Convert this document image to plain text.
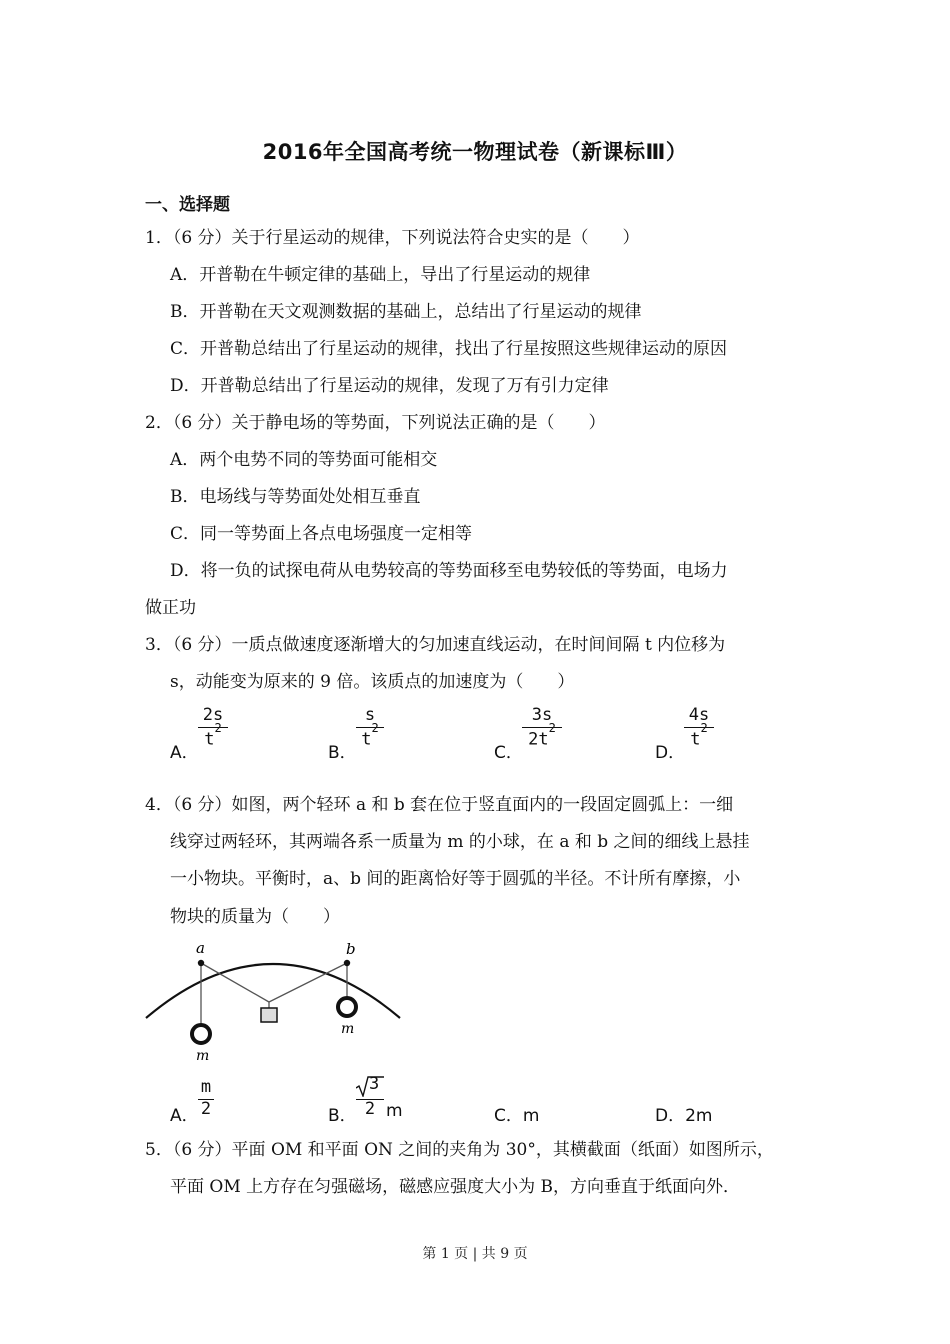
2016年全国高考统一物理试卷（新课标Ⅲ）
一、选择题
1．（6 分）关于行星运动的规律，下列说法符合史实的是（　　）
A．开普勒在牛顿定律的基础上，导出了行星运动的规律
B．开普勒在天文观测数据的基础上，总结出了行星运动的规律
C．开普勒总结出了行星运动的规律，找出了行星按照这些规律运动的原因
D．开普勒总结出了行星运动的规律，发现了万有引力定律
2．（6 分）关于静电场的等势面，下列说法正确的是（　　）
A．两个电势不同的等势面可能相交
B．电场线与等势面处处相互垂直
C．同一等势面上各点电场强度一定相等
D．将一负的试探电荷从电势较高的等势面移至电势较低的等势面，电场力
做正功
3．（6 分）一质点做速度逐渐增大的匀加速直线运动，在时间间隔 t 内位移为
s，动能变为原来的 9 倍。该质点的加速度为（　　）
A．
2s
$t^2$
B．
s
$t^2$
C．
3s
$2t^2$
D．
4s
$t^2$
4．（6 分）如图，两个轻环 a 和 b 套在位于竖直面内的一段固定圆弧上：一细
线穿过两轻环，其两端各系一质量为 m 的小球，在 a 和 b 之间的细线上悬挂
一小物块。平衡时，a、b 间的距离恰好等于圆弧的半径。不计所有摩擦，小
物块的质量为（　　）
a	b
m
m
A．
m
2	B．
3
2 m	C．m	D．2m
5．（6 分）平面 OM 和平面 ON 之间的夹角为 30°，其横截面（纸面）如图所示，
平面 OM 上方存在匀强磁场，磁感应强度大小为 B，方向垂直于纸面向外．
第 1 页 | 共 9 页
